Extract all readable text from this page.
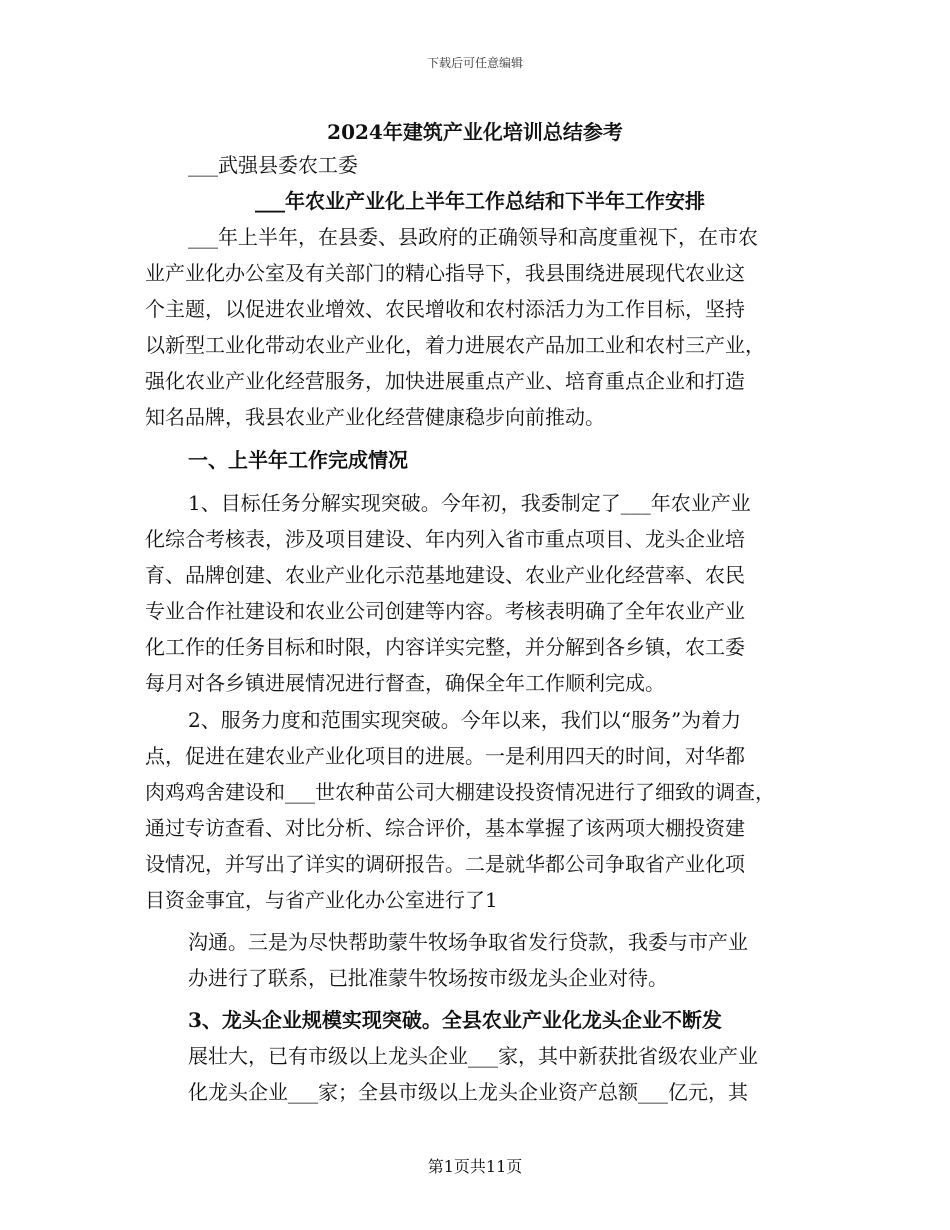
下载后可任意编辑
2024年建筑产业化培训总结参考
___武强县委农工委
___年农业产业化上半年工作总结和下半年工作安排
___年上半年，在县委、县政府的正确领导和高度重视下，在市农
业产业化办公室及有关部门的精心指导下，我县围绕进展现代农业这
个主题，以促进农业增效、农民增收和农村添活力为工作目标，坚持
以新型工业化带动农业产业化，着力进展农产品加工业和农村三产业，
强化农业产业化经营服务，加快进展重点产业、培育重点企业和打造
知名品牌，我县农业产业化经营健康稳步向前推动。
一、上半年工作完成情况
1、目标任务分解实现突破。今年初，我委制定了___年农业产业
化综合考核表，涉及项目建设、年内列入省市重点项目、龙头企业培
育、品牌创建、农业产业化示范基地建设、农业产业化经营率、农民
专业合作社建设和农业公司创建等内容。考核表明确了全年农业产业
化工作的任务目标和时限，内容详实完整，并分解到各乡镇，农工委
每月对各乡镇进展情况进行督查，确保全年工作顺利完成。
2、服务力度和范围实现突破。今年以来，我们以“服务”为着力
点，促进在建农业产业化项目的进展。一是利用四天的时间，对华都
肉鸡鸡舍建设和___世农种苗公司大棚建设投资情况进行了细致的调查，
通过专访查看、对比分析、综合评价，基本掌握了该两项大棚投资建
设情况，并写出了详实的调研报告。二是就华都公司争取省产业化项
目资金事宜，与省产业化办公室进行了1
沟通。三是为尽快帮助蒙牛牧场争取省发行贷款，我委与市产业
办进行了联系，已批准蒙牛牧场按市级龙头企业对待。
3、龙头企业规模实现突破。全县农业产业化龙头企业不断发
展壮大，已有市级以上龙头企业___家，其中新获批省级农业产业
化龙头企业___家；全县市级以上龙头企业资产总额___亿元，其
第1页共11页
